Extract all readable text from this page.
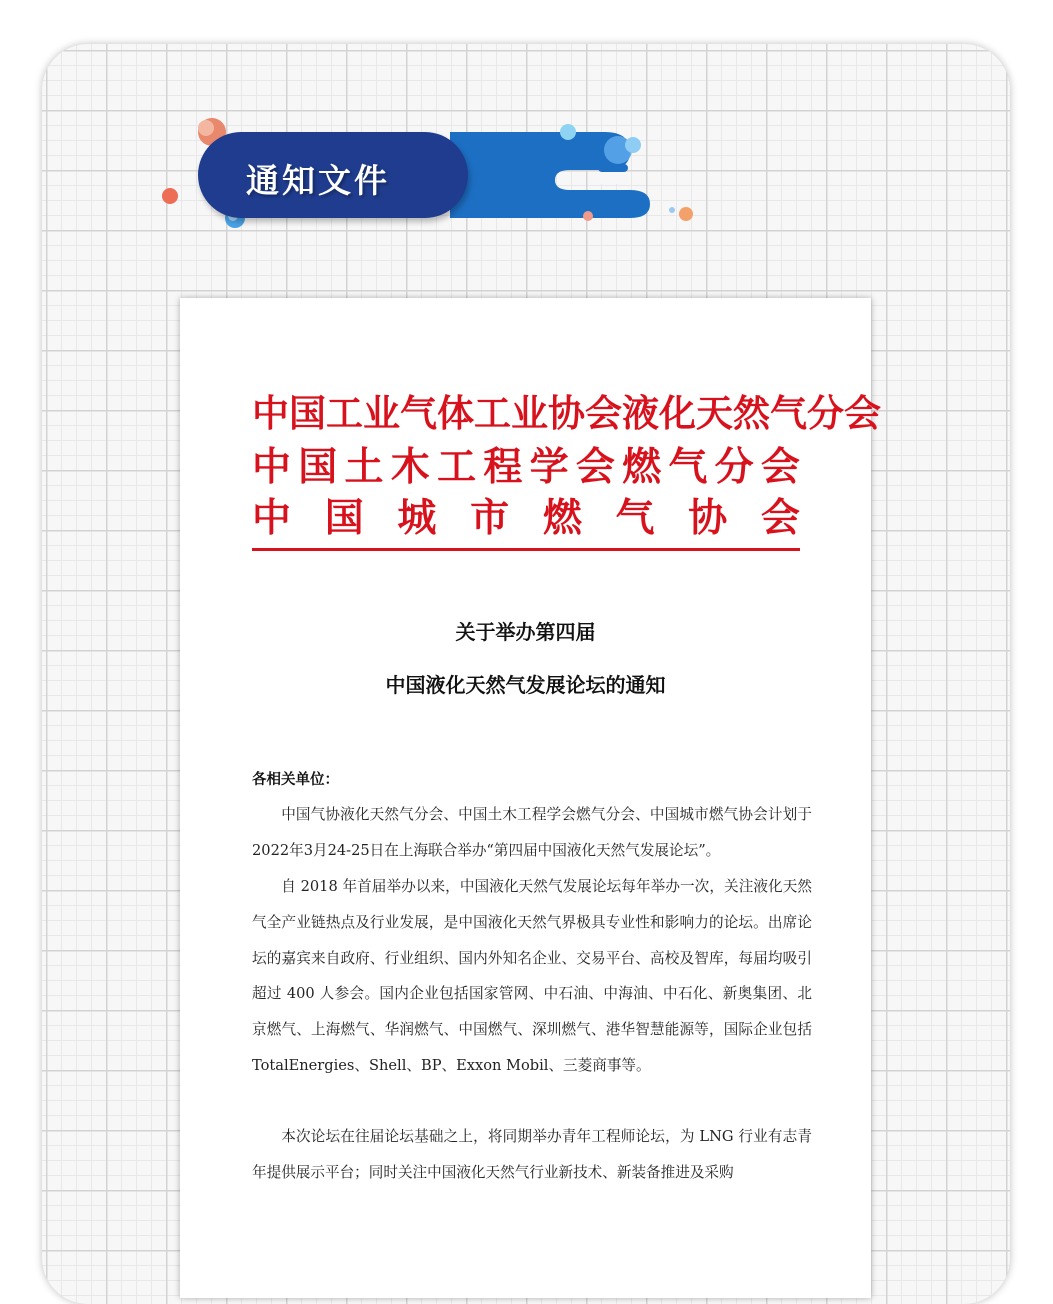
通知文件
中 国 工 业 气 体 工 业 协 会 液 化 天 然 气 分 会
中 国 土 木 工 程 学 会 燃 气 分 会
中 国 城 市 燃 气 协 会
关于举办第四届
中国液化天然气发展论坛的通知
各相关单位：
中国气协液化天然气分会、中国土木工程学会燃气分会、中国城市燃气协会计划于2022年3月24-25日在上海联合举办“第四届中国液化天然气发展论坛”。
自 2018 年首届举办以来，中国液化天然气发展论坛每年举办一次，关注液化天然气全产业链热点及行业发展，是中国液化天然气界极具专业性和影响力的论坛。出席论坛的嘉宾来自政府、行业组织、国内外知名企业、交易平台、高校及智库，每届均吸引超过 400 人参会。国内企业包括国家管网、中石油、中海油、中石化、新奥集团、北京燃气、上海燃气、华润燃气、中国燃气、深圳燃气、港华智慧能源等，国际企业包括 TotalEnergies、Shell、BP、Exxon Mobil、三菱商事等。
本次论坛在往届论坛基础之上，将同期举办青年工程师论坛，为 LNG 行业有志青年提供展示平台；同时关注中国液化天然气行业新技术、新装备推进及采购
